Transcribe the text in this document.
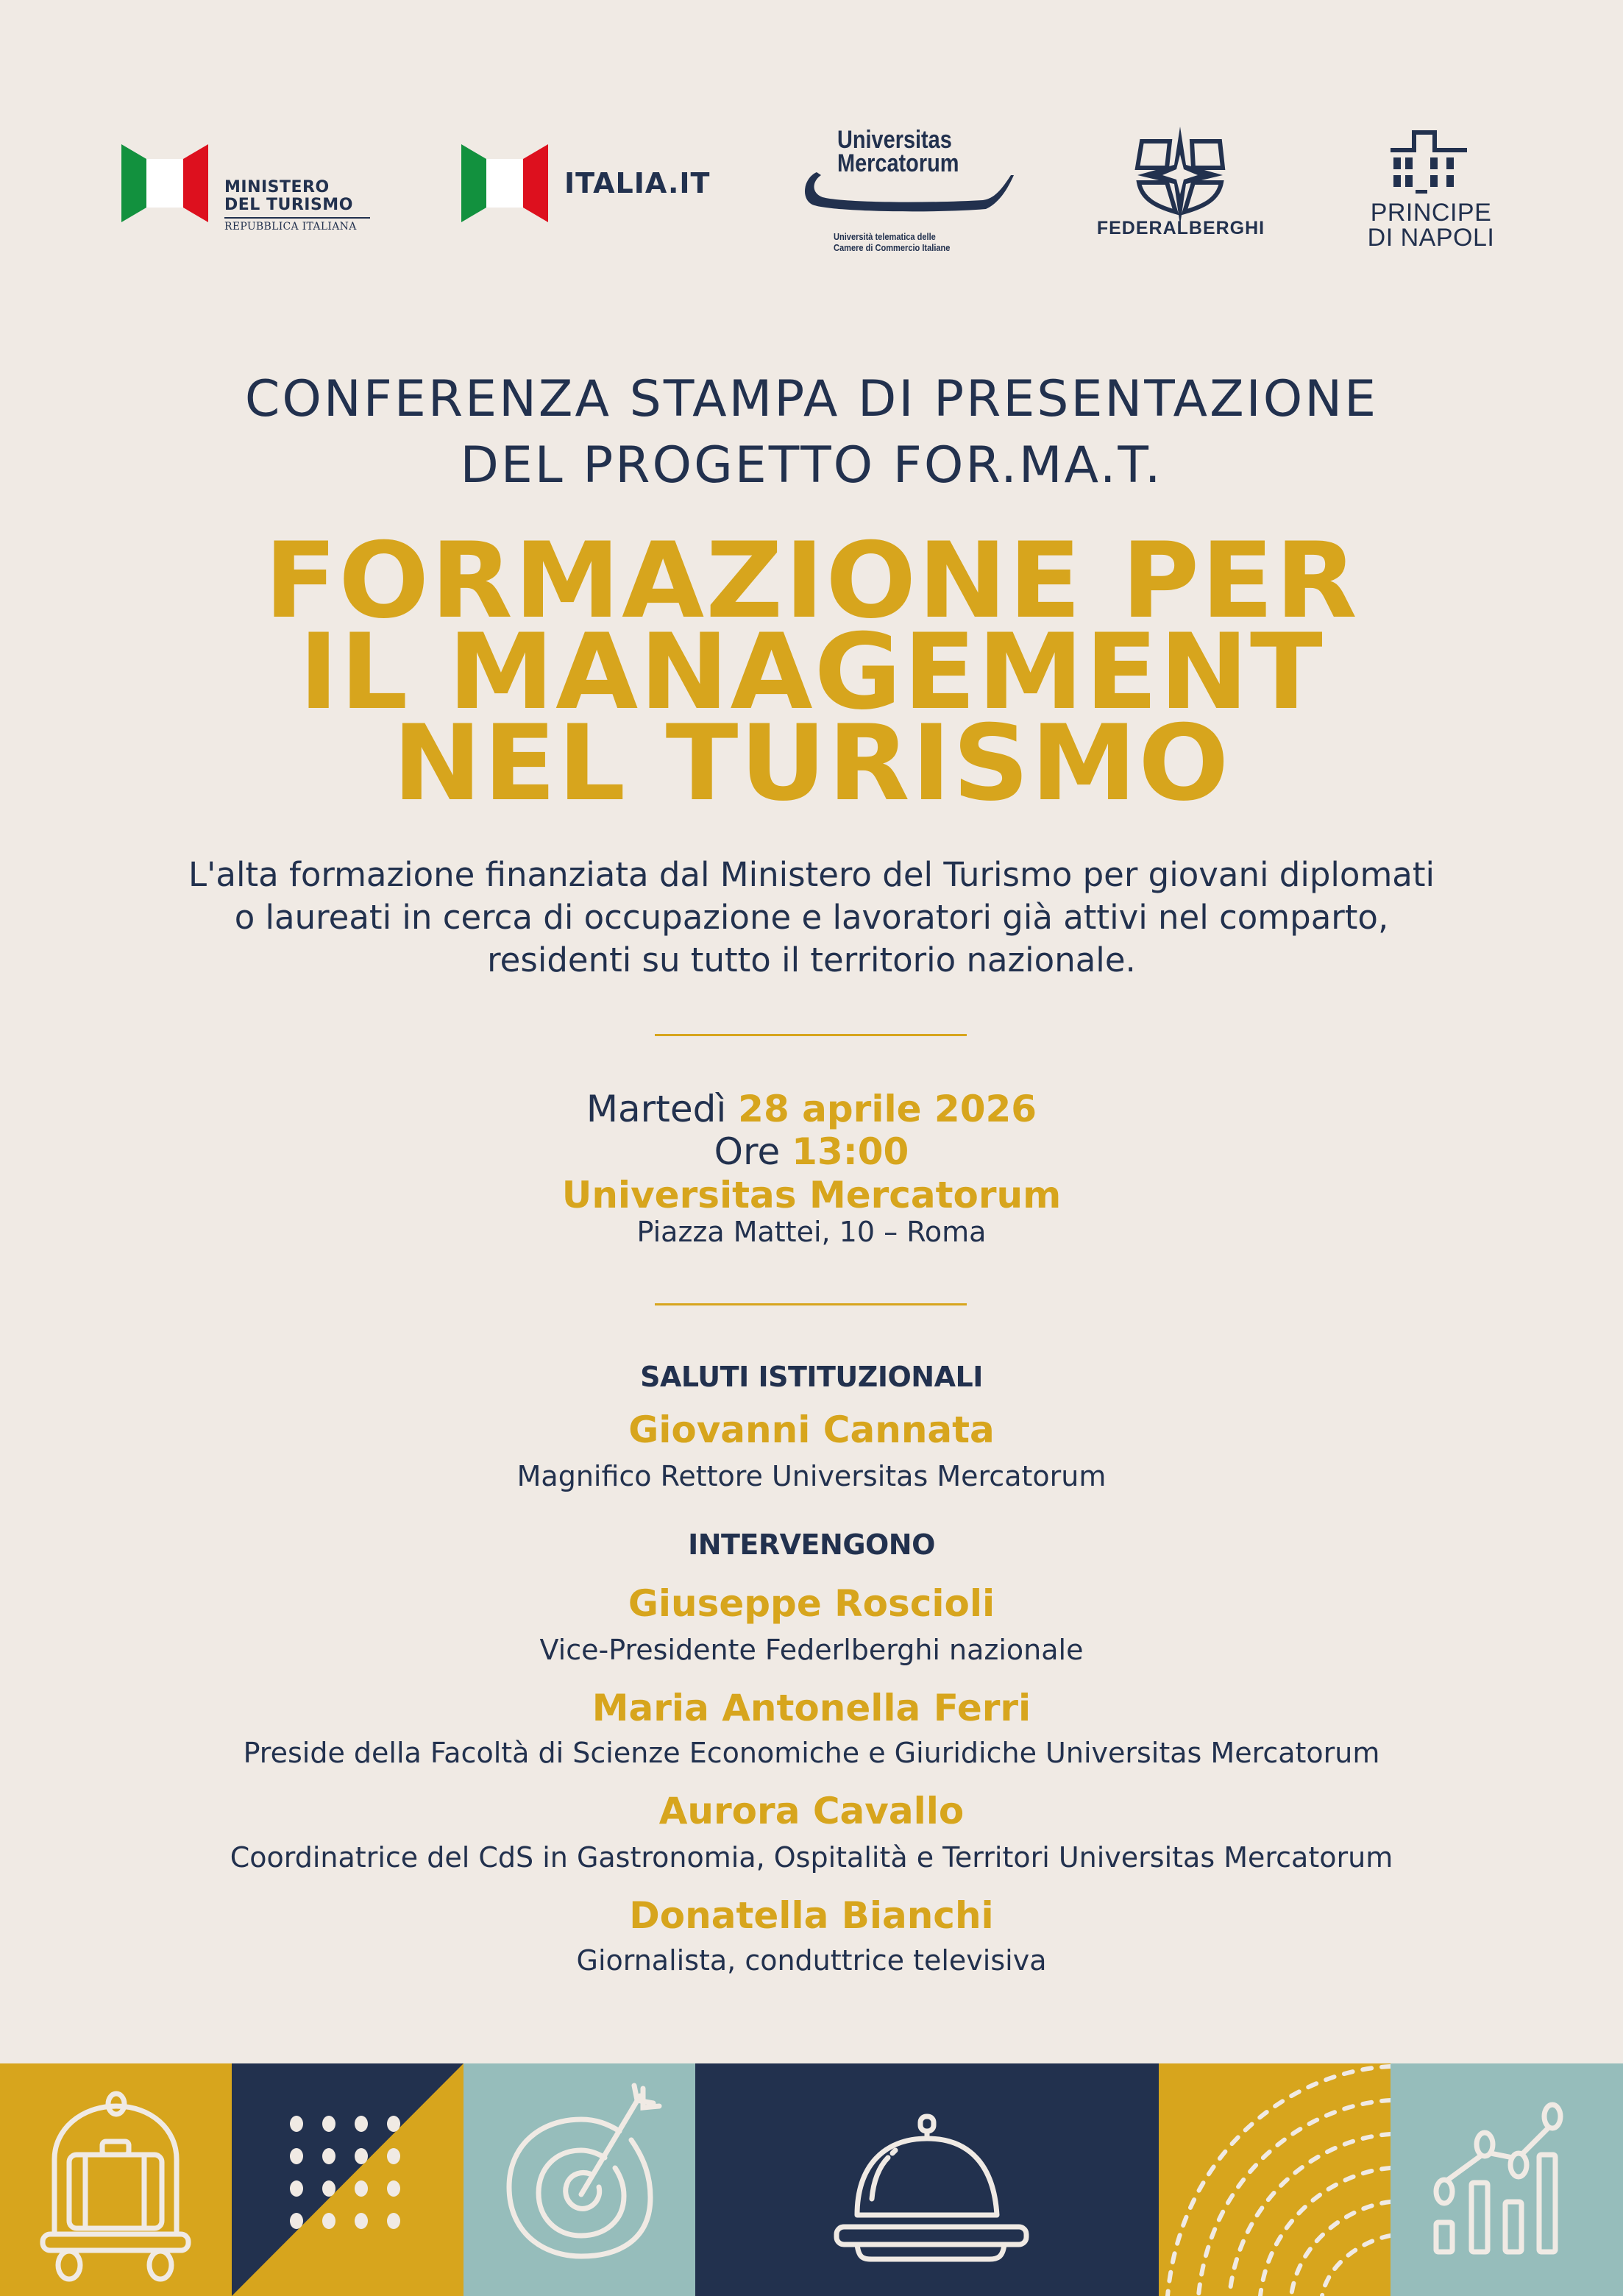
MINISTERO
DEL TURISMO
REPUBBLICA ITALIANA
ITALIA.IT
Universitas
Mercatorum
Università telematica delle
Camere di Commercio Italiane
FEDERALBERGHI
PRINCIPE
DI NAPOLI
CONFERENZA STAMPA DI PRESENTAZIONE
DEL PROGETTO FOR.MA.T.
FORMAZIONE PER
IL MANAGEMENT
NEL TURISMO
L'alta formazione finanziata dal Ministero del Turismo per giovani diplomati
o laureati in cerca di occupazione e lavoratori già attivi nel comparto,
residenti su tutto il territorio nazionale.
Martedì 28 aprile 2026
Ore 13:00
Universitas Mercatorum
Piazza Mattei, 10 – Roma
SALUTI ISTITUZIONALI
Giovanni Cannata
Magnifico Rettore Universitas Mercatorum
INTERVENGONO
Giuseppe Roscioli
Vice-Presidente Federlberghi nazionale
Maria Antonella Ferri
Preside della Facoltà di Scienze Economiche e Giuridiche Universitas Mercatorum
Aurora Cavallo
Coordinatrice del CdS in Gastronomia, Ospitalità e Territori Universitas Mercatorum
Donatella Bianchi
Giornalista, conduttrice televisiva
